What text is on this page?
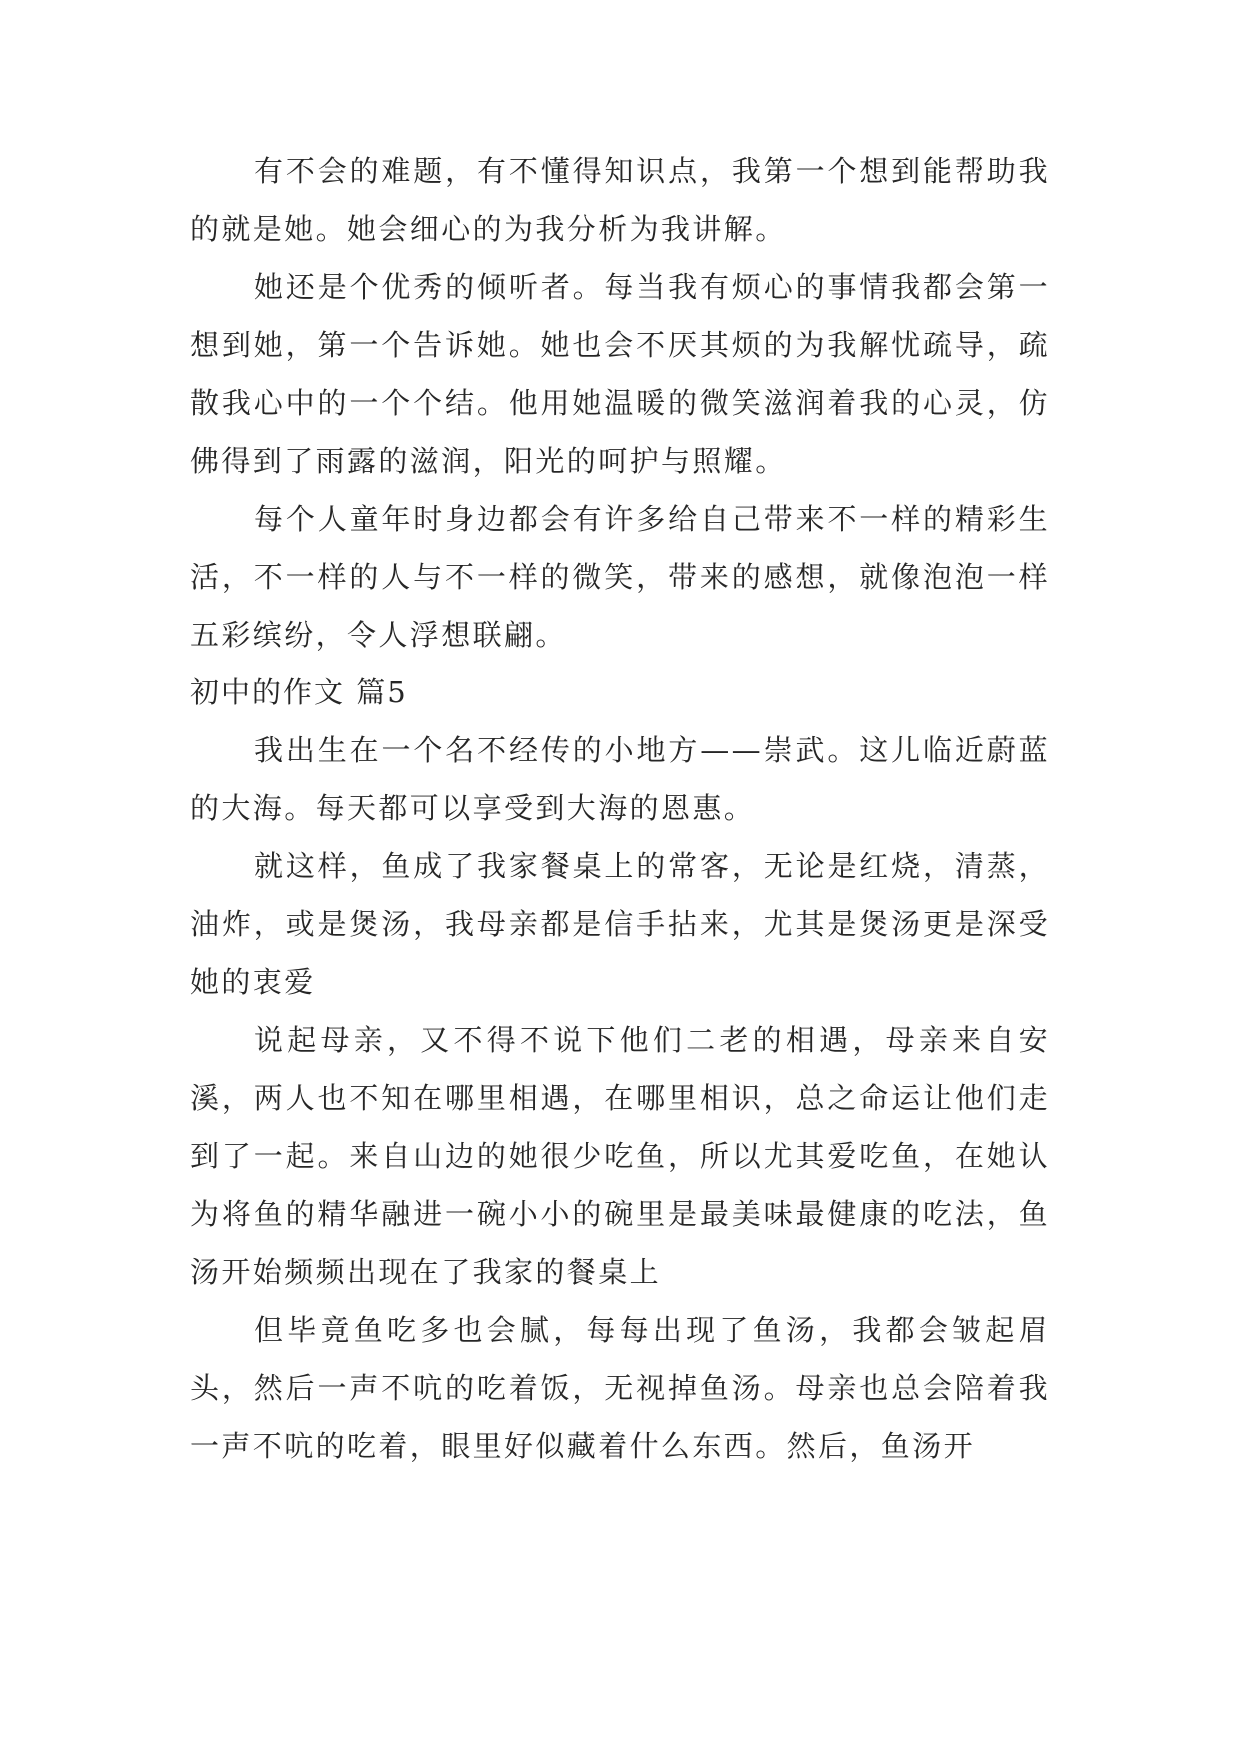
有不会的难题，有不懂得知识点，我第一个想到能帮助我的就是她。她会细心的为我分析为我讲解。

她还是个优秀的倾听者。每当我有烦心的事情我都会第一想到她，第一个告诉她。她也会不厌其烦的为我解忧疏导，疏散我心中的一个个结。他用她温暖的微笑滋润着我的心灵，仿佛得到了雨露的滋润，阳光的呵护与照耀。

每个人童年时身边都会有许多给自己带来不一样的精彩生活，不一样的人与不一样的微笑，带来的感想，就像泡泡一样五彩缤纷，令人浮想联翩。

初中的作文 篇5

我出生在一个名不经传的小地方——崇武。这儿临近蔚蓝的大海。每天都可以享受到大海的恩惠。

就这样，鱼成了我家餐桌上的常客，无论是红烧，清蒸，油炸，或是煲汤，我母亲都是信手拈来，尤其是煲汤更是深受她的衷爱

说起母亲，又不得不说下他们二老的相遇，母亲来自安溪，两人也不知在哪里相遇，在哪里相识，总之命运让他们走到了一起。来自山边的她很少吃鱼，所以尤其爱吃鱼，在她认为将鱼的精华融进一碗小小的碗里是最美味最健康的吃法，鱼汤开始频频出现在了我家的餐桌上

但毕竟鱼吃多也会腻，每每出现了鱼汤，我都会皱起眉头，然后一声不吭的吃着饭，无视掉鱼汤。母亲也总会陪着我一声不吭的吃着，眼里好似藏着什么东西。然后，鱼汤开
